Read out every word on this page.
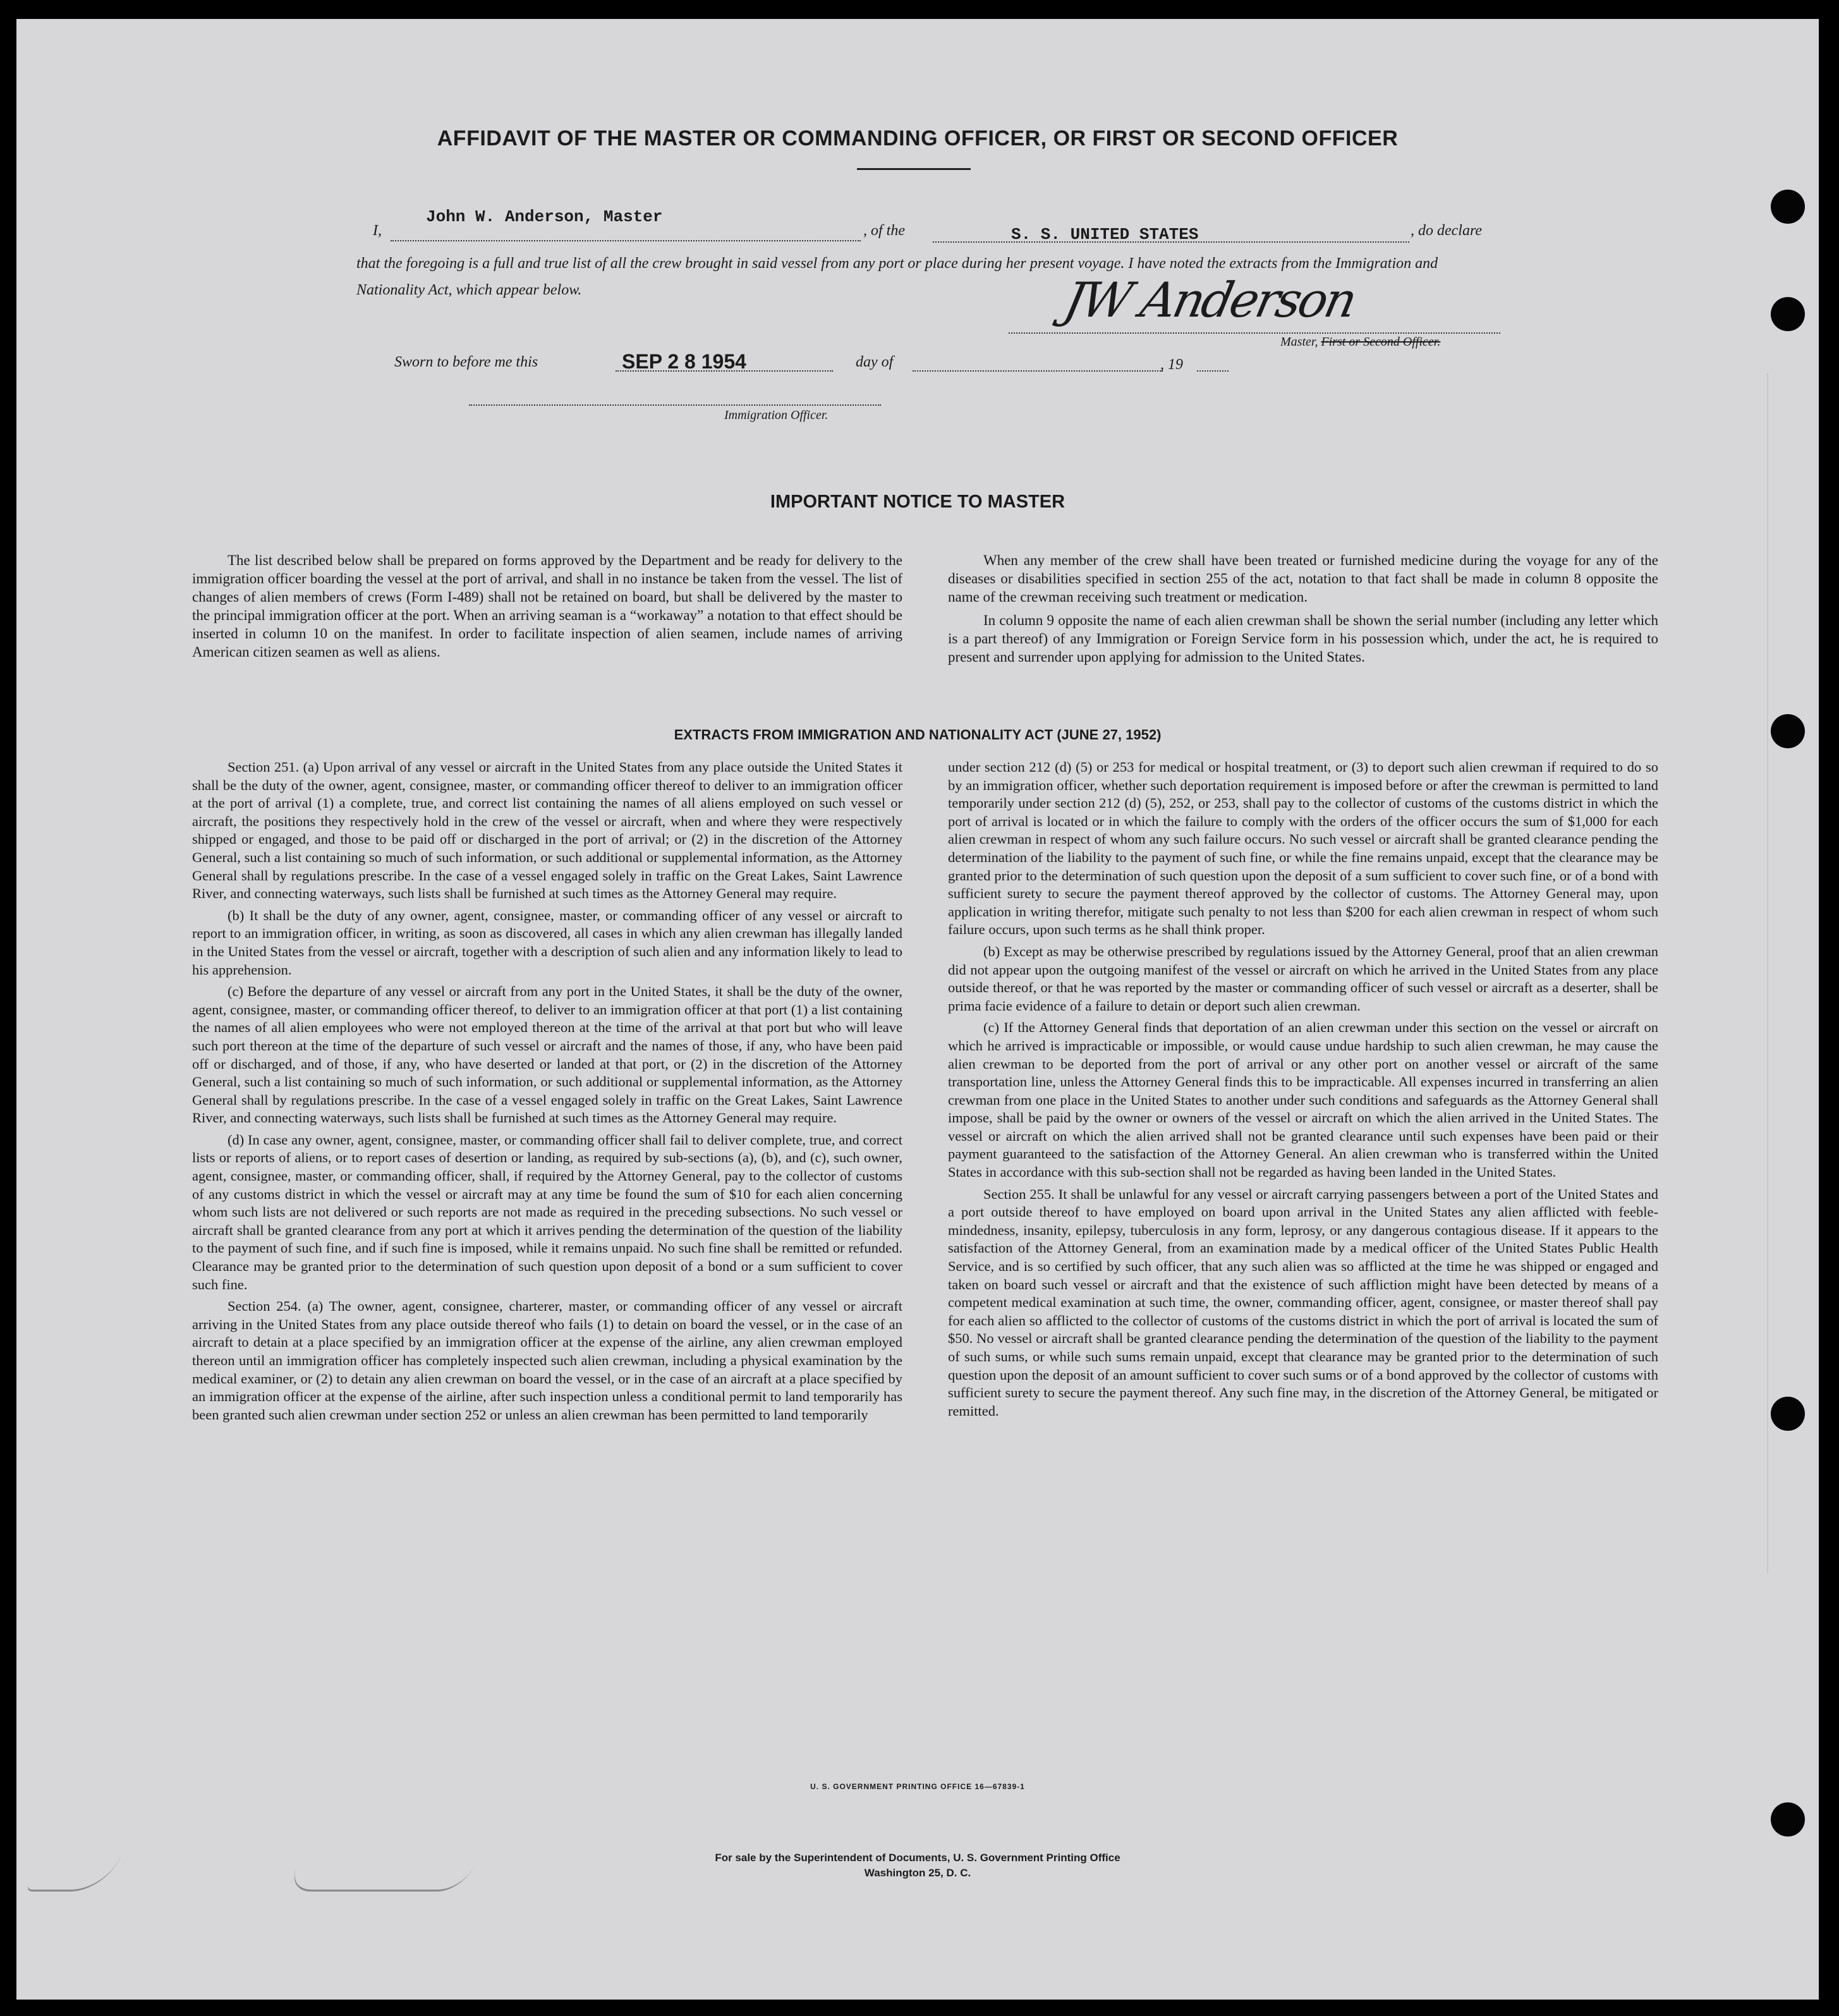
AFFIDAVIT OF THE MASTER OR COMMANDING OFFICER, OR FIRST OR SECOND OFFICER
I,
John W. Anderson, Master
, of the	S. S. UNITED STATES	, do declare
that the foregoing is a full and true list of all the crew brought in said vessel from any port or place during her present voyage. I have noted the extracts from the Immigration and Nationality Act, which appear below.	JW Anderson
Master, First or Second Officer.
Sworn to before me this	SEP 2 8 1954	day of	, 19
Immigration Officer.
IMPORTANT NOTICE TO MASTER

The list described below shall be prepared on forms approved by the Department and be ready for delivery to the immigration officer boarding the vessel at the port of arrival, and shall in no instance be taken from the vessel. The list of changes of alien members of crews (Form I-489) shall not be retained on board, but shall be delivered by the master to the principal immigration officer at the port. When an arriving seaman is a “workaway” a notation to that effect should be inserted in column 10 on the manifest. In order to facilitate inspection of alien seamen, include names of arriving American citizen seamen as well as aliens.

When any member of the crew shall have been treated or furnished medicine during the voyage for any of the diseases or disabilities specified in section 255 of the act, notation to that fact shall be made in column 8 opposite the name of the crewman receiving such treatment or medication.

In column 9 opposite the name of each alien crewman shall be shown the serial number (including any letter which is a part thereof) of any Immigration or Foreign Service form in his possession which, under the act, he is required to present and surrender upon applying for admission to the United States.

EXTRACTS FROM IMMIGRATION AND NATIONALITY ACT (JUNE 27, 1952)

Section 251. (a) Upon arrival of any vessel or aircraft in the United States from any place outside the United States it shall be the duty of the owner, agent, consignee, master, or commanding officer thereof to deliver to an immigration officer at the port of arrival (1) a complete, true, and correct list containing the names of all aliens employed on such vessel or aircraft, the positions they respectively hold in the crew of the vessel or aircraft, when and where they were respectively shipped or engaged, and those to be paid off or discharged in the port of arrival; or (2) in the discretion of the Attorney General, such a list containing so much of such information, or such additional or supplemental information, as the Attorney General shall by regulations prescribe. In the case of a vessel engaged solely in traffic on the Great Lakes, Saint Lawrence River, and connecting waterways, such lists shall be furnished at such times as the Attorney General may require.

(b) It shall be the duty of any owner, agent, consignee, master, or commanding officer of any vessel or aircraft to report to an immigration officer, in writing, as soon as discovered, all cases in which any alien crewman has illegally landed in the United States from the vessel or aircraft, together with a description of such alien and any information likely to lead to his apprehension.

(c) Before the departure of any vessel or aircraft from any port in the United States, it shall be the duty of the owner, agent, consignee, master, or commanding officer thereof, to deliver to an immigration officer at that port (1) a list containing the names of all alien employees who were not employed thereon at the time of the arrival at that port but who will leave such port thereon at the time of the departure of such vessel or aircraft and the names of those, if any, who have been paid off or discharged, and of those, if any, who have deserted or landed at that port, or (2) in the discretion of the Attorney General, such a list containing so much of such information, or such additional or supplemental information, as the Attorney General shall by regulations prescribe. In the case of a vessel engaged solely in traffic on the Great Lakes, Saint Lawrence River, and connecting waterways, such lists shall be furnished at such times as the Attorney General may require.

(d) In case any owner, agent, consignee, master, or commanding officer shall fail to deliver complete, true, and correct lists or reports of aliens, or to report cases of desertion or landing, as required by sub-sections (a), (b), and (c), such owner, agent, consignee, master, or commanding officer, shall, if required by the Attorney General, pay to the collector of customs of any customs district in which the vessel or aircraft may at any time be found the sum of $10 for each alien concerning whom such lists are not delivered or such reports are not made as required in the preceding subsections. No such vessel or aircraft shall be granted clearance from any port at which it arrives pending the determination of the question of the liability to the payment of such fine, and if such fine is imposed, while it remains unpaid. No such fine shall be remitted or refunded. Clearance may be granted prior to the determination of such question upon deposit of a bond or a sum sufficient to cover such fine.

Section 254. (a) The owner, agent, consignee, charterer, master, or commanding officer of any vessel or aircraft arriving in the United States from any place outside thereof who fails (1) to detain on board the vessel, or in the case of an aircraft to detain at a place specified by an immigration officer at the expense of the airline, any alien crewman employed thereon until an immigration officer has completely inspected such alien crewman, including a physical examination by the medical examiner, or (2) to detain any alien crewman on board the vessel, or in the case of an aircraft at a place specified by an immigration officer at the expense of the airline, after such inspection unless a conditional permit to land temporarily has been granted such alien crewman under section 252 or unless an alien crewman has been permitted to land temporarily

under section 212 (d) (5) or 253 for medical or hospital treatment, or (3) to deport such alien crewman if required to do so by an immigration officer, whether such deportation requirement is imposed before or after the crewman is permitted to land temporarily under section 212 (d) (5), 252, or 253, shall pay to the collector of customs of the customs district in which the port of arrival is located or in which the failure to comply with the orders of the officer occurs the sum of $1,000 for each alien crewman in respect of whom any such failure occurs. No such vessel or aircraft shall be granted clearance pending the determination of the liability to the payment of such fine, or while the fine remains unpaid, except that the clearance may be granted prior to the determination of such question upon the deposit of a sum sufficient to cover such fine, or of a bond with sufficient surety to secure the payment thereof approved by the collector of customs. The Attorney General may, upon application in writing therefor, mitigate such penalty to not less than $200 for each alien crewman in respect of whom such failure occurs, upon such terms as he shall think proper.

(b) Except as may be otherwise prescribed by regulations issued by the Attorney General, proof that an alien crewman did not appear upon the outgoing manifest of the vessel or aircraft on which he arrived in the United States from any place outside thereof, or that he was reported by the master or commanding officer of such vessel or aircraft as a deserter, shall be prima facie evidence of a failure to detain or deport such alien crewman.

(c) If the Attorney General finds that deportation of an alien crewman under this section on the vessel or aircraft on which he arrived is impracticable or impossible, or would cause undue hardship to such alien crewman, he may cause the alien crewman to be deported from the port of arrival or any other port on another vessel or aircraft of the same transportation line, unless the Attorney General finds this to be impracticable. All expenses incurred in transferring an alien crewman from one place in the United States to another under such conditions and safeguards as the Attorney General shall impose, shall be paid by the owner or owners of the vessel or aircraft on which the alien arrived in the United States. The vessel or aircraft on which the alien arrived shall not be granted clearance until such expenses have been paid or their payment guaranteed to the satisfaction of the Attorney General. An alien crewman who is transferred within the United States in accordance with this sub-section shall not be regarded as having been landed in the United States.

Section 255. It shall be unlawful for any vessel or aircraft carrying passengers between a port of the United States and a port outside thereof to have employed on board upon arrival in the United States any alien afflicted with feeble-mindedness, insanity, epilepsy, tuberculosis in any form, leprosy, or any dangerous contagious disease. If it appears to the satisfaction of the Attorney General, from an examination made by a medical officer of the United States Public Health Service, and is so certified by such officer, that any such alien was so afflicted at the time he was shipped or engaged and taken on board such vessel or aircraft and that the existence of such affliction might have been detected by means of a competent medical examination at such time, the owner, commanding officer, agent, consignee, or master thereof shall pay for each alien so afflicted to the collector of customs of the customs district in which the port of arrival is located the sum of $50. No vessel or aircraft shall be granted clearance pending the determination of the question of the liability to the payment of such sums, or while such sums remain unpaid, except that clearance may be granted prior to the determination of such question upon the deposit of an amount sufficient to cover such sums or of a bond approved by the collector of customs with sufficient surety to secure the payment thereof. Any such fine may, in the discretion of the Attorney General, be mitigated or remitted.

U. S. GOVERNMENT PRINTING OFFICE 16—67839-1
For sale by the Superintendent of Documents, U. S. Government Printing Office
Washington 25, D. C.
